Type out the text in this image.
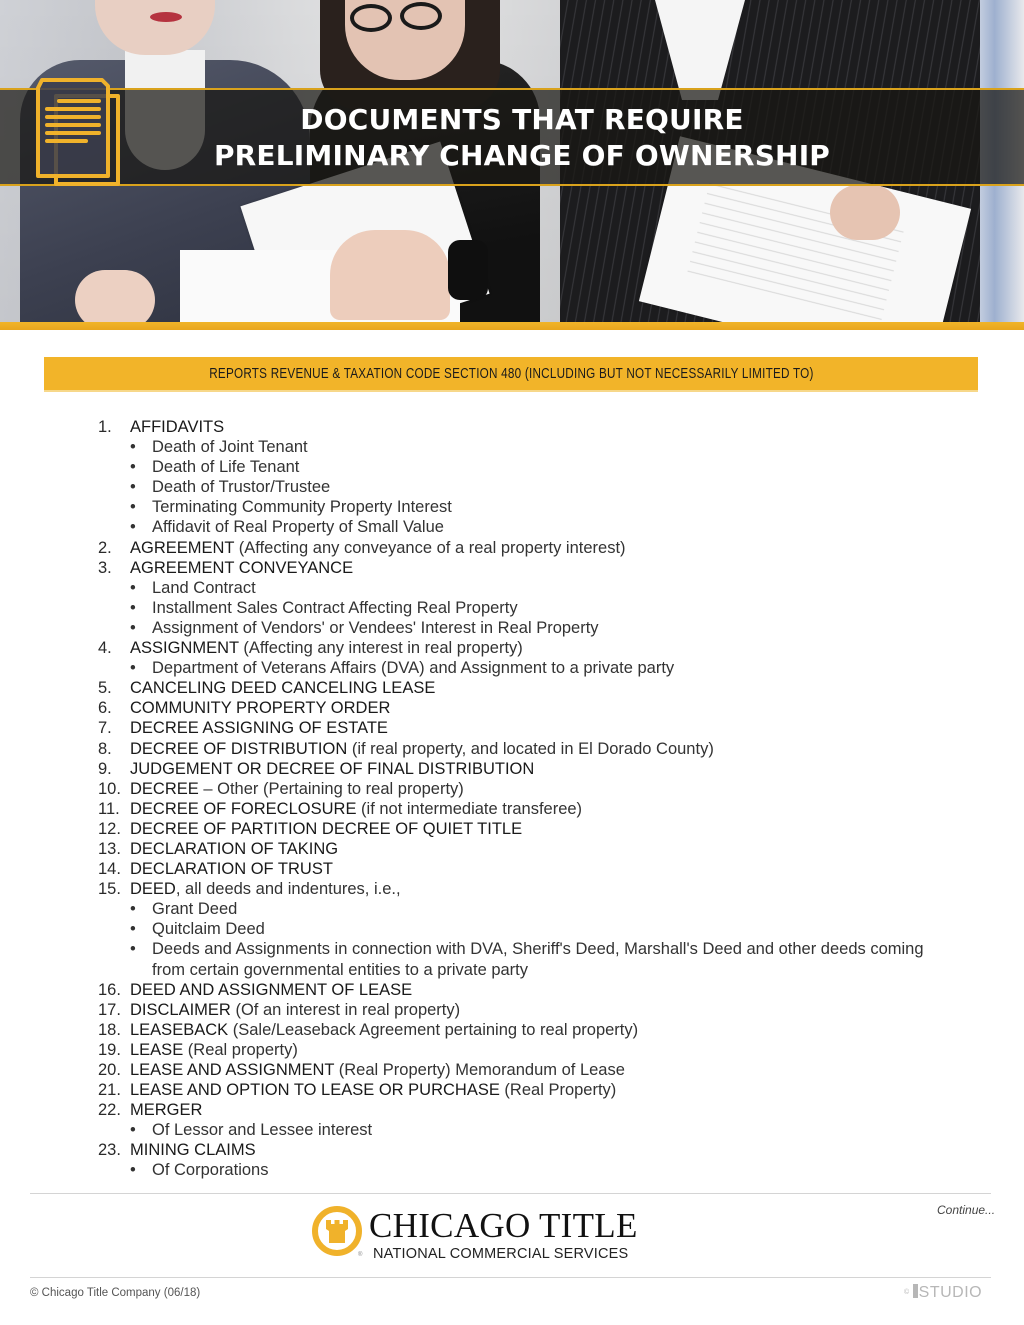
DOCUMENTS THAT REQUIRE
PRELIMINARY CHANGE OF OWNERSHIP
REPORTS REVENUE & TAXATION CODE SECTION 480 (INCLUDING BUT NOT NECESSARILY LIMITED TO)
1. AFFIDAVITS
• Death of Joint Tenant
• Death of Life Tenant
• Death of Trustor/Trustee
• Terminating Community Property Interest
• Affidavit of Real Property of Small Value
2. AGREEMENT (Affecting any conveyance of a real property interest)
3. AGREEMENT CONVEYANCE
• Land Contract
• Installment Sales Contract Affecting Real Property
• Assignment of Vendors' or Vendees' Interest in Real Property
4. ASSIGNMENT (Affecting any interest in real property)
• Department of Veterans Affairs (DVA) and Assignment to a private party
5. CANCELING DEED CANCELING LEASE
6. COMMUNITY PROPERTY ORDER
7. DECREE ASSIGNING OF ESTATE
8. DECREE OF DISTRIBUTION (if real property, and located in El Dorado County)
9. JUDGEMENT OR DECREE OF FINAL DISTRIBUTION
10. DECREE – Other (Pertaining to real property)
11. DECREE OF FORECLOSURE (if not intermediate transferee)
12. DECREE OF PARTITION DECREE OF QUIET TITLE
13. DECLARATION OF TAKING
14. DECLARATION OF TRUST
15. DEED, all deeds and indentures, i.e.,
• Grant Deed
• Quitclaim Deed
• Deeds and Assignments in connection with DVA, Sheriff's Deed, Marshall's Deed and other deeds coming from certain governmental entities to a private party
16. DEED AND ASSIGNMENT OF LEASE
17. DISCLAIMER (Of an interest in real property)
18. LEASEBACK (Sale/Leaseback Agreement pertaining to real property)
19. LEASE (Real property)
20. LEASE AND ASSIGNMENT (Real Property) Memorandum of Lease
21. LEASE AND OPTION TO LEASE OR PURCHASE (Real Property)
22. MERGER
• Of Lessor and Lessee interest
23. MINING CLAIMS
• Of Corporations
Continue...
®
CHICAGO TITLE
NATIONAL COMMERCIAL SERVICES
© Chicago Title Company (06/18)	© STUDIO
